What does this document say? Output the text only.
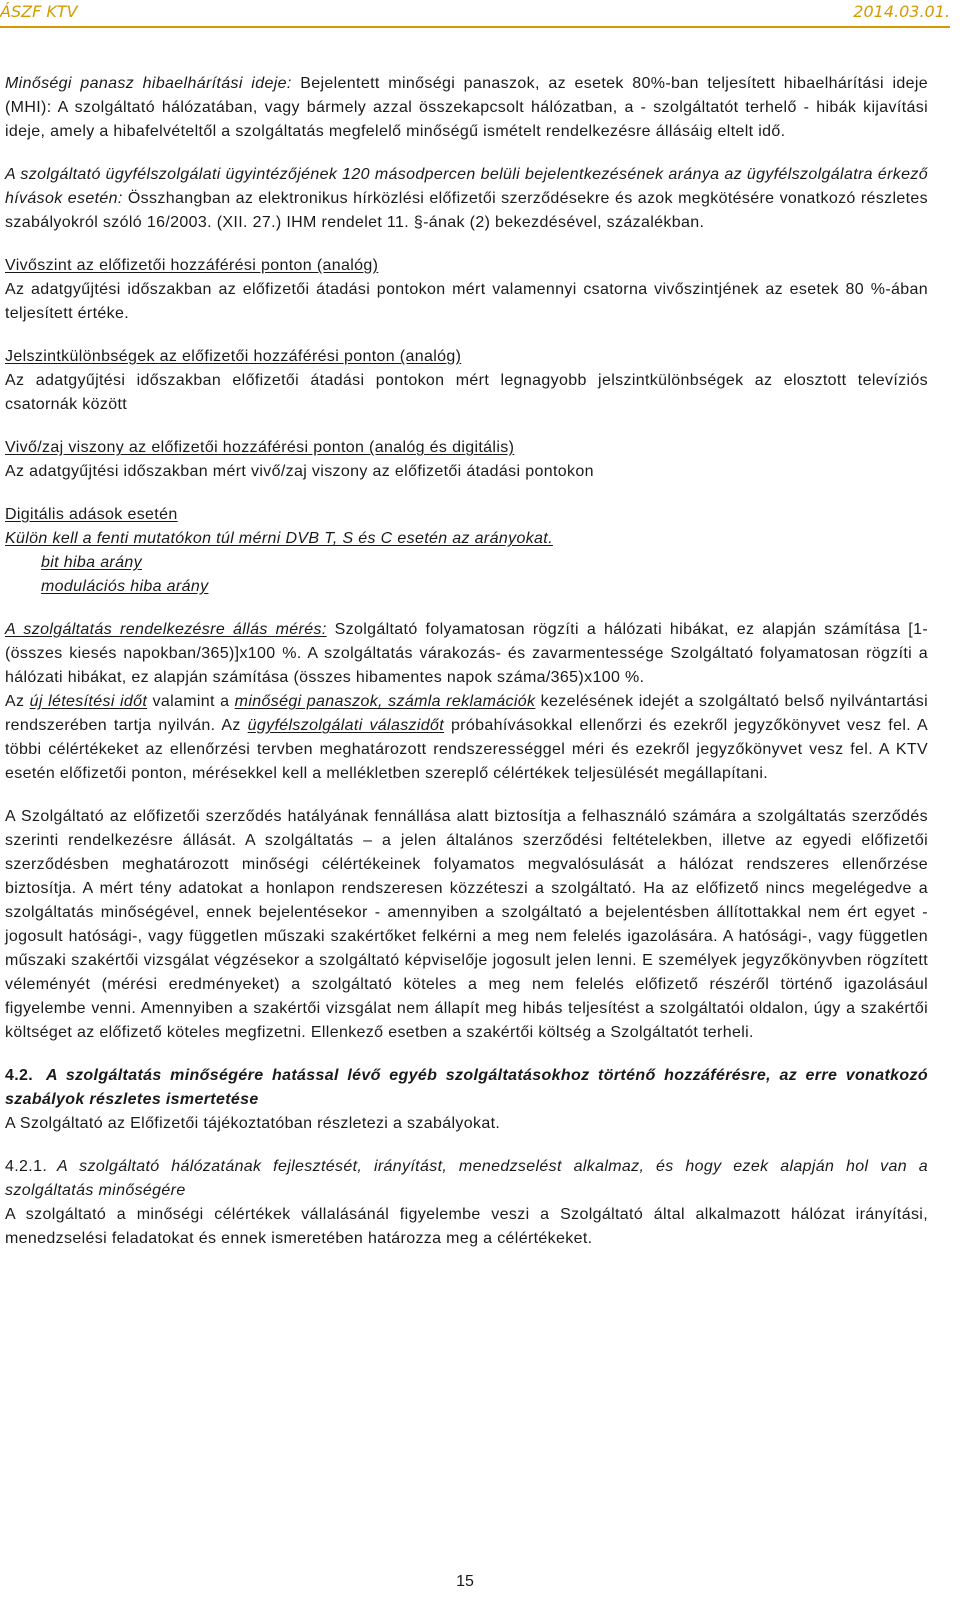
ÁSZF KTV	2014.03.01.

Minőségi panasz hibaelhárítási ideje: Bejelentett minőségi panaszok, az esetek 80%-ban teljesített hibaelhárítási ideje (MHI): A szolgáltató hálózatában, vagy bármely azzal összekapcsolt hálózatban, a - szolgáltatót terhelő - hibák kijavítási ideje, amely a hibafelvételtől a szolgáltatás megfelelő minőségű ismételt rendelkezésre állásáig eltelt idő.

A szolgáltató ügyfélszolgálati ügyintézőjének 120 másodpercen belüli bejelentkezésének aránya az ügyfélszolgálatra érkező hívások esetén: Összhangban az elektronikus hírközlési előfizetői szerződésekre és azok megkötésére vonatkozó részletes szabályokról szóló 16/2003. (XII. 27.) IHM rendelet 11. §-ának (2) bekezdésével, százalékban.

Vivőszint az előfizetői hozzáférési ponton (analóg)

Az adatgyűjtési időszakban az előfizetői átadási pontokon mért valamennyi csatorna vivőszintjének az esetek 80 %-ában teljesített értéke.

Jelszintkülönbségek az előfizetői hozzáférési ponton (analóg)

Az adatgyűjtési időszakban előfizetői átadási pontokon mért legnagyobb jelszintkülönbségek az elosztott televíziós csatornák között

Vivő/zaj viszony az előfizetői hozzáférési ponton (analóg és digitális)

Az adatgyűjtési időszakban mért vivő/zaj viszony az előfizetői átadási pontokon

Digitális adások esetén

Külön kell a fenti mutatókon túl mérni DVB T, S és C esetén az arányokat.

bit hiba arány

modulációs hiba arány

A szolgáltatás rendelkezésre állás mérés: Szolgáltató folyamatosan rögzíti a hálózati hibákat, ez alapján számítása [1-(összes kiesés napokban/365)]x100 %. A szolgáltatás várakozás- és zavarmentessége Szolgáltató folyamatosan rögzíti a hálózati hibákat, ez alapján számítása (összes hibamentes napok száma/365)x100 %.

Az új létesítési időt valamint a minőségi panaszok, számla reklamációk kezelésének idejét a szolgáltató belső nyilvántartási rendszerében tartja nyilván. Az ügyfélszolgálati válaszidőt próbahívásokkal ellenőrzi és ezekről jegyzőkönyvet vesz fel. A többi célértékeket az ellenőrzési tervben meghatározott rendszerességgel méri és ezekről jegyzőkönyvet vesz fel. A KTV esetén előfizetői ponton, mérésekkel kell a mellékletben szereplő célértékek teljesülését megállapítani.

A Szolgáltató az előfizetői szerződés hatályának fennállása alatt biztosítja a felhasználó számára a szolgáltatás szerződés szerinti rendelkezésre állását. A szolgáltatás – a jelen általános szerződési feltételekben, illetve az egyedi előfizetői szerződésben meghatározott minőségi célértékeinek folyamatos megvalósulását a hálózat rendszeres ellenőrzése biztosítja. A mért tény adatokat a honlapon rendszeresen közzéteszi a szolgáltató. Ha az előfizető nincs megelégedve a szolgáltatás minőségével, ennek bejelentésekor - amennyiben a szolgáltató a bejelentésben állítottakkal nem ért egyet - jogosult hatósági-, vagy független műszaki szakértőket felkérni a meg nem felelés igazolására. A hatósági-, vagy független műszaki szakértői vizsgálat végzésekor a szolgáltató képviselője jogosult jelen lenni. E személyek jegyzőkönyvben rögzített véleményét (mérési eredményeket) a szolgáltató köteles a meg nem felelés előfizető részéről történő igazolásául figyelembe venni. Amennyiben a szakértői vizsgálat nem állapít meg hibás teljesítést a szolgáltatói oldalon, úgy a szakértői költséget az előfizető köteles megfizetni. Ellenkező esetben a szakértői költség a Szolgáltatót terheli.

4.2. A szolgáltatás minőségére hatással lévő egyéb szolgáltatásokhoz történő hozzáférésre, az erre vonatkozó szabályok részletes ismertetése

A Szolgáltató az Előfizetői tájékoztatóban részletezi a szabályokat.

4.2.1. A szolgáltató hálózatának fejlesztését, irányítást, menedzselést alkalmaz, és hogy ezek alapján hol van a szolgáltatás minőségére

A szolgáltató a minőségi célértékek vállalásánál figyelembe veszi a Szolgáltató által alkalmazott hálózat irányítási, menedzselési feladatokat és ennek ismeretében határozza meg a célértékeket.

15
